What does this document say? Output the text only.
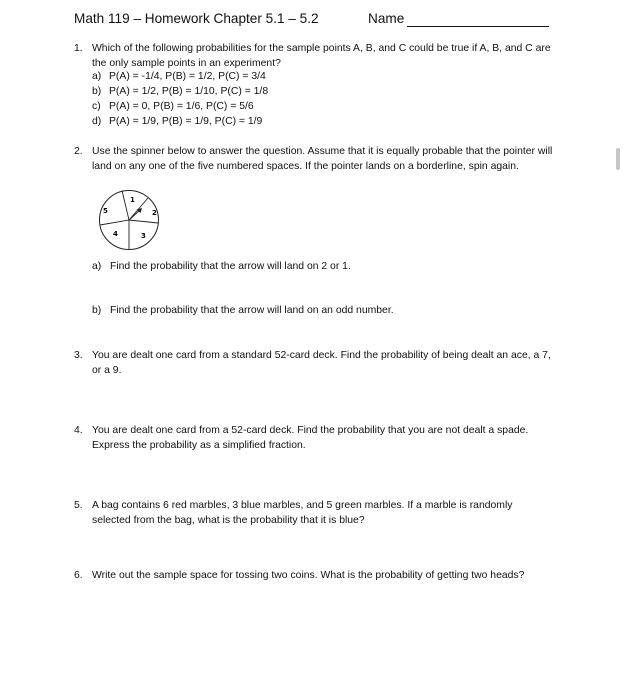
Math 119 – Homework Chapter 5.1 – 5.2	Name
1. Which of the following probabilities for the sample points A, B, and C could be true if A, B, and C are the only sample points in an experiment?
a) P(A) = -1/4, P(B) = 1/2, P(C) = 3/4
b) P(A) = 1/2, P(B) = 1/10, P(C) = 1/8
c) P(A) = 0, P(B) = 1/6, P(C) = 5/6
d) P(A) = 1/9, P(B) = 1/9, P(C) = 1/9
2. Use the spinner below to answer the question. Assume that it is equally probable that the pointer will land on any one of the five numbered spaces. If the pointer lands on a borderline, spin again.
1
2
3
4
5
a) Find the probability that the arrow will land on 2 or 1.
b) Find the probability that the arrow will land on an odd number.
3. You are dealt one card from a standard 52-card deck. Find the probability of being dealt an ace, a 7, or a 9.
4. You are dealt one card from a 52-card deck. Find the probability that you are not dealt a spade. Express the probability as a simplified fraction.
5. A bag contains 6 red marbles, 3 blue marbles, and 5 green marbles. If a marble is randomly selected from the bag, what is the probability that it is blue?
6. Write out the sample space for tossing two coins. What is the probability of getting two heads?
